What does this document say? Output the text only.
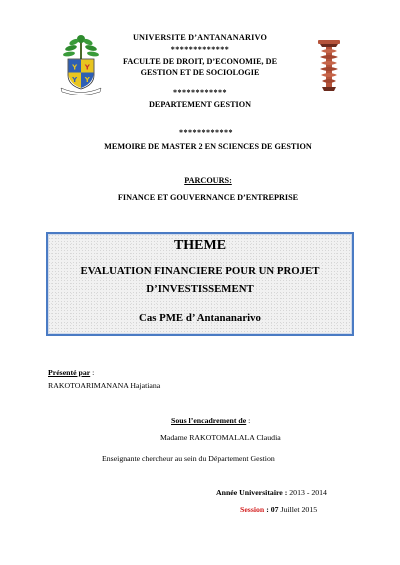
Y Y
Y Y
UNIVERSITE D’ANTANANARIVO
*************
FACULTE DE DROIT, D’ECONOMIE, DE
GESTION ET DE SOCIOLOGIE
************
DEPARTEMENT GESTION
************
MEMOIRE DE MASTER 2 EN SCIENCES DE GESTION
PARCOURS:
FINANCE ET GOUVERNANCE D’ENTREPRISE
THEME
EVALUATION FINANCIERE POUR UN PROJET
D’INVESTISSEMENT
Cas PME d’ Antananarivo
Présenté par :
RAKOTOARIMANANA Hajatiana
Sous l’encadrement de :
Madame RAKOTOMALALA Claudia
Enseignante chercheur au sein du Département Gestion
Année Universitaire : 2013 - 2014
Session : 07 Juillet 2015
